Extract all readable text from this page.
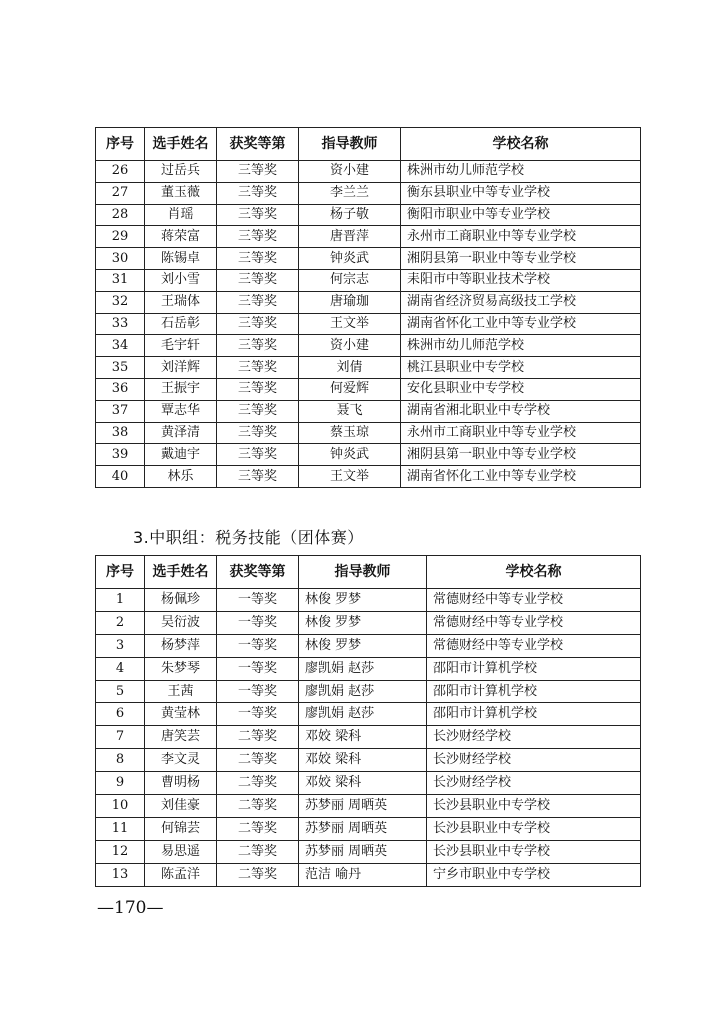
序号	选手姓名	获奖等第	指导教师	学校名称
26	过岳兵	三等奖	资小建	株洲市幼儿师范学校
27	董玉薇	三等奖	李兰兰	衡东县职业中等专业学校
28	肖瑶	三等奖	杨子敬	衡阳市职业中等专业学校
29	蒋荣富	三等奖	唐晋萍	永州市工商职业中等专业学校
30	陈锡卓	三等奖	钟炎武	湘阴县第一职业中等专业学校
31	刘小雪	三等奖	何宗志	耒阳市中等职业技术学校
32	王瑞体	三等奖	唐瑜珈	湖南省经济贸易高级技工学校
33	石岳彰	三等奖	王文举	湖南省怀化工业中等专业学校
34	毛宇轩	三等奖	资小建	株洲市幼儿师范学校
35	刘洋辉	三等奖	刘倩	桃江县职业中专学校
36	王振宇	三等奖	何爱辉	安化县职业中专学校
37	覃志华	三等奖	聂飞	湖南省湘北职业中专学校
38	黄泽清	三等奖	蔡玉琼	永州市工商职业中等专业学校
39	戴迪宇	三等奖	钟炎武	湘阴县第一职业中等专业学校
40	林乐	三等奖	王文举	湖南省怀化工业中等专业学校
3.中职组：税务技能（团体赛）
序号	选手姓名	获奖等第	指导教师	学校名称
1	杨佩珍	一等奖	林俊 罗梦	常德财经中等专业学校
2	吴衍波	一等奖	林俊 罗梦	常德财经中等专业学校
3	杨梦萍	一等奖	林俊 罗梦	常德财经中等专业学校
4	朱梦琴	一等奖	廖凯娟 赵莎	邵阳市计算机学校
5	王茜	一等奖	廖凯娟 赵莎	邵阳市计算机学校
6	黄莹林	一等奖	廖凯娟 赵莎	邵阳市计算机学校
7	唐笑芸	二等奖	邓姣 梁科	长沙财经学校
8	李文灵	二等奖	邓姣 梁科	长沙财经学校
9	曹明杨	二等奖	邓姣 梁科	长沙财经学校
10	刘佳豪	二等奖	苏梦丽 周晒英	长沙县职业中专学校
11	何锦芸	二等奖	苏梦丽 周晒英	长沙县职业中专学校
12	易思遥	二等奖	苏梦丽 周晒英	长沙县职业中专学校
13	陈孟洋	二等奖	范洁 喻丹	宁乡市职业中专学校
—170—
